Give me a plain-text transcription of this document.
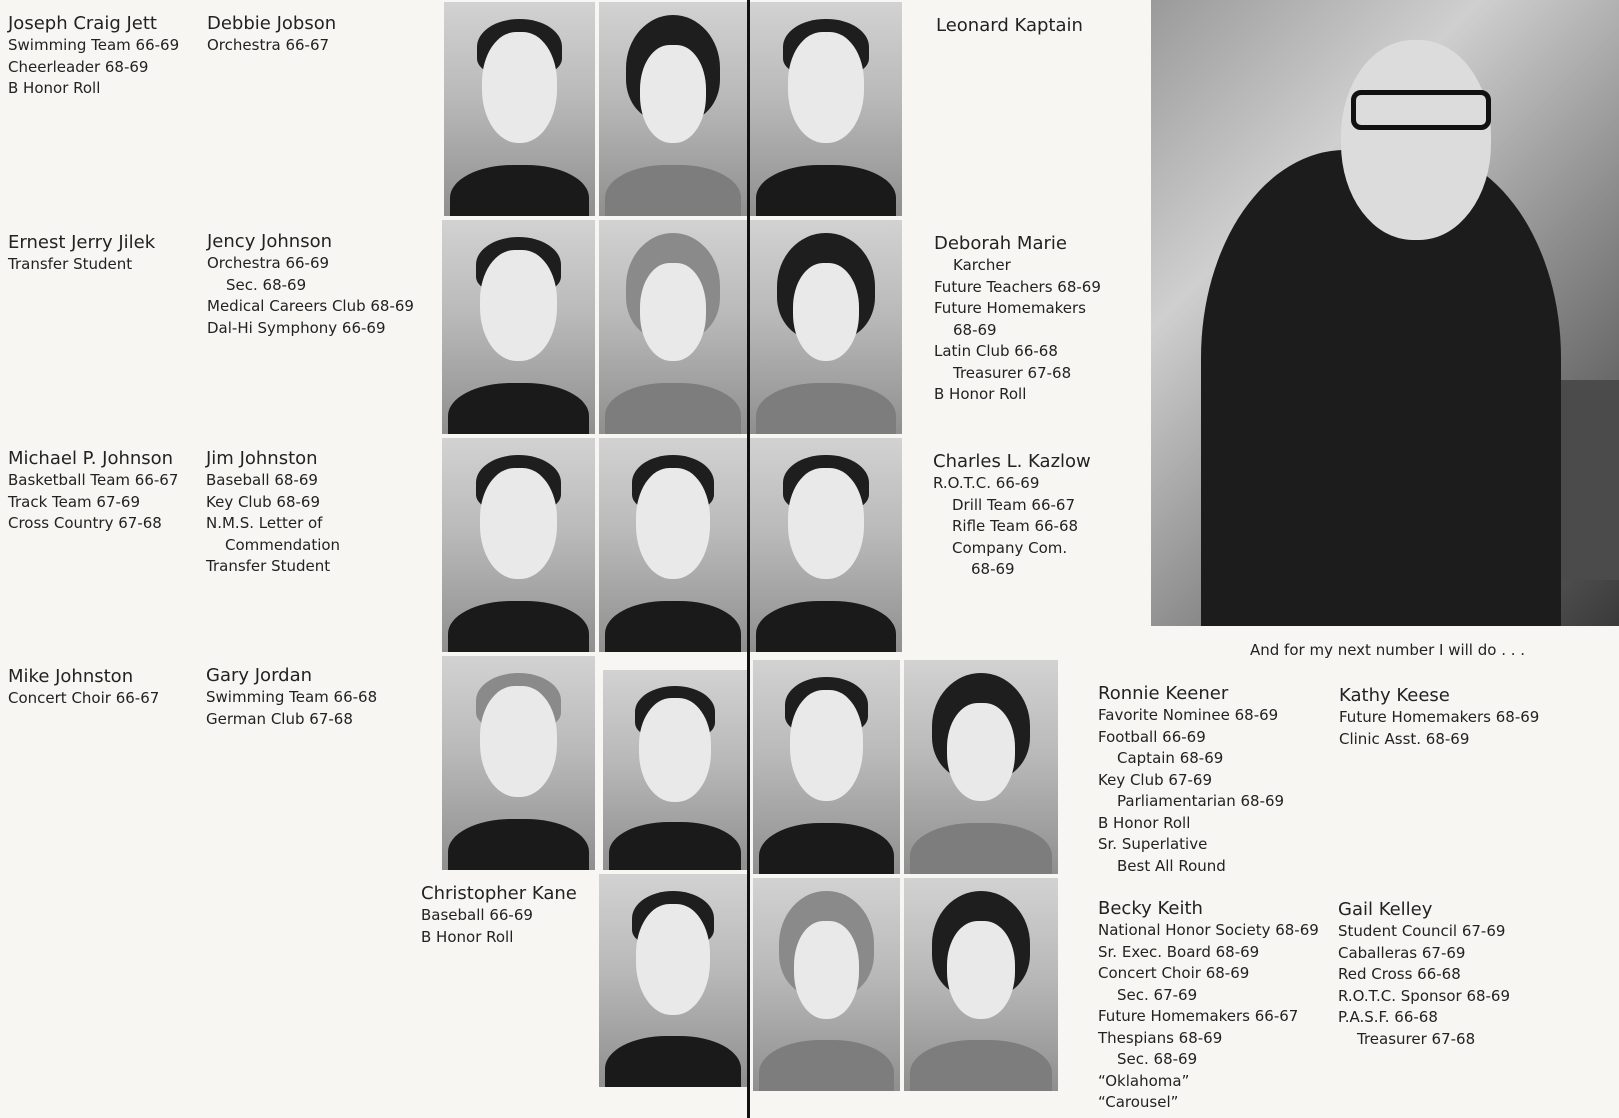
And for my next number I will do . . .
Joseph Craig Jett
Swimming Team 66-69
Cheerleader 68-69
B Honor Roll
Debbie Jobson
Orchestra 66-67
Leonard Kaptain
Ernest Jerry Jilek
Transfer Student
Jency Johnson
Orchestra 66-69
Sec. 68-69
Medical Careers Club 68-69
Dal-Hi Symphony 66-69
Deborah Marie
Karcher
Future Teachers 68-69
Future Homemakers
68-69
Latin Club 66-68
Treasurer 67-68
B Honor Roll
Michael P. Johnson
Basketball Team 66-67
Track Team 67-69
Cross Country 67-68
Jim Johnston
Baseball 68-69
Key Club 68-69
N.M.S. Letter of
Commendation
Transfer Student
Charles L. Kazlow
R.O.T.C. 66-69
Drill Team 66-67
Rifle Team 66-68
Company Com.
68-69
Mike Johnston
Concert Choir 66-67
Gary Jordan
Swimming Team 66-68
German Club 67-68
Ronnie Keener
Favorite Nominee 68-69
Football 66-69
Captain 68-69
Key Club 67-69
Parliamentarian 68-69
B Honor Roll
Sr. Superlative
Best All Round
Kathy Keese
Future Homemakers 68-69
Clinic Asst. 68-69
Christopher Kane
Baseball 66-69
B Honor Roll
Becky Keith
National Honor Society 68-69
Sr. Exec. Board 68-69
Concert Choir 68-69
Sec. 67-69
Future Homemakers 66-67
Thespians 68-69
Sec. 68-69
“Oklahoma”
“Carousel”
Gail Kelley
Student Council 67-69
Caballeras 67-69
Red Cross 66-68
R.O.T.C. Sponsor 68-69
P.A.S.F. 66-68
Treasurer 67-68
